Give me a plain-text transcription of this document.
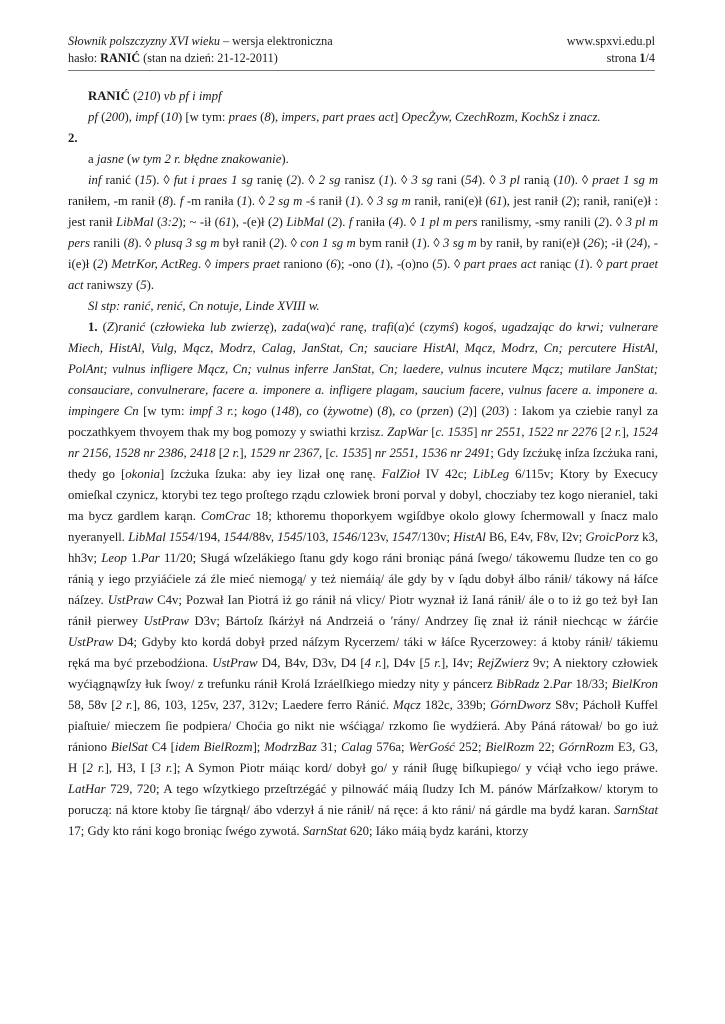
Słownik polszczyzny XVI wieku – wersja elektroniczna	www.spxvi.edu.pl
hasło: RANIĆ (stan na dzień: 21-12-2011)	strona 1/4

RANIĆ (210) vb pf i impf

pf (200), impf (10) [w tym: praes (8), impers, part praes act] OpecŻyw, CzechRozm, KochSz i znacz.

2.

a jasne (w tym 2 r. błędne znakowanie).

inf ranić (15). ◊ fut i praes 1 sg ranię (2). ◊ 2 sg ranisz (1). ◊ 3 sg rani (54). ◊ 3 pl ranią (10). ◊ praet 1 sg m raniłem, -m ranił (8). f -m raniła (1). ◊ 2 sg m -ś ranił (1). ◊ 3 sg m ranił, rani(e)ł (61), jest ranił (2); ranił, rani(e)ł : jest ranił LibMal (3:2); ~ -ił (61), -(e)ł (2) LibMal (2). f raniła (4). ◊ 1 pl m pers ranilismy, -smy ranili (2). ◊ 3 pl m pers ranili (8). ◊ plusq 3 sg m był ranił (2). ◊ con 1 sg m bym ranił (1). ◊ 3 sg m by ranił, by rani(e)ł (26); -ił (24), -i(e)ł (2) MetrKor, ActReg. ◊ impers praet raniono (6); -ono (1), -(o)no (5). ◊ part praes act raniąc (1). ◊ part praet act raniwszy (5).

Sl stp: ranić, renić, Cn notuje, Linde XVIII w.

1. (Z)ranić (człowieka lub zwierzę), zada(wa)ć ranę, trafi(a)ć (czymś) kogoś, ugadzając do krwi; vulnerare Miech, HistAl, Vulg, Mącz, Modrz, Calag, JanStat, Cn; sauciare HistAl, Mącz, Modrz, Cn; percutere HistAl, PolAnt; vulnus infligere Mącz, Cn; vulnus inferre JanStat, Cn; laedere, vulnus incutere Mącz; mutilare JanStat; consauciare, convulnerare, facere a. imponere a. infligere plagam, saucium facere, vulnus facere a. imponere a. impingere Cn [w tym: impf 3 r.; kogo (148), co (żywotne) (8), co (przen) (2)] (203) : Iakom ya cziebie ranyl za poczathkyem thvoyem thak my bog pomozy y swiathi krzisz. ZapWar [c. 1535] nr 2551, 1522 nr 2276 [2 r.], 1524 nr 2156, 1528 nr 2386, 2418 [2 r.], 1529 nr 2367, [c. 1535] nr 2551, 1536 nr 2491; Gdy ſzcżukę inſza ſzcżuka rani, thedy go [okonia] ſzcżuka ſzuka: aby iey lizał onę ranę. FalZioł IV 42c; LibLeg 6/115v; Ktory by Execucy omieſkal czynicz, ktorybi tez tego proſtego rządu czlowiek broni porval y dobyl, chocziaby tez kogo nieraniel, taki ma bycz gardlem karąn. ComCrac 18; kthoremu thoporkyem wgiſdbye okolo glowy ſchermowall y ſnacz malo nyeranyell. LibMal 1554/194, 1544/88v, 1545/103, 1546/123v, 1547/130v; HistAl B6, E4v, F8v, I2v; GroicPorz k3, hh3v; Leop 1.Par 11/20; Sługá wſzelákiego ſtanu gdy kogo ráni broniąc páná ſwego/ tákowemu ſludze ten co go ránią y iego przyiáćiele zá źle mieć niemogą/ y też niemáią/ ále gdy by v ſądu dobył álbo ránił/ tákowy ná łáſce náſzey. UstPraw C4v; Pozwał Ian Piotrá iż go ránił ná vlicy/ Piotr wyznał iż Ianá ránił/ ále o to iż go też był Ian ránił pierwey UstPraw D3v; Bártoſz ſkárżył ná Andrzeiá o ′rány/ Andrzey ſię znał iż ránił niechcąc w źárćie UstPraw D4; Gdyby kto kordá dobył przed náſzym Rycerzem/ táki w łáſce Rycerzowey: á ktoby ránił/ tákiemu ręká ma być przebodźiona. UstPraw D4, B4v, D3v, D4 [4 r.], D4v [5 r.], I4v; RejZwierz 9v; A niektory człowiek wyćiągnąwſzy łuk ſwoy/ z trefunku ránił Krolá Izráelſkiego miedzy nity y páncerz BibRadz 2.Par 18/33; BielKron 58, 58v [2 r.], 86, 103, 125v, 237, 312v; Laedere ferro Ránić. Mącz 182c, 339b; GórnDworz S8v; Pácholł Kuffel piaſtuie/ mieczem ſie podpiera/ Choćia go nikt nie wśćiąga/ rzkomo ſie wydźierá. Aby Páná rátował/ bo go iuż rániono BielSat C4 [idem BielRozm]; ModrzBaz 31; Calag 576a; WerGość 252; BielRozm 22; GórnRozm E3, G3, H [2 r.], H3, I [3 r.]; A Symon Piotr máiąc kord/ dobył go/ y ránił ſługę biſkupiego/ y vćiął vcho iego práwe. LatHar 729, 720; A tego wſzytkiego przeſtrzégáć y pilnowáć máią ſludzy Ich M. pánów Márſzałkow/ ktorym to poruczą: ná ktore ktoby ſie tárgnął/ ábo vderzył á nie ránił/ ná ręce: á kto ráni/ ná gárdle ma bydź karan. SarnStat 17; Gdy kto ráni kogo broniąc ſwégo zywotá. SarnStat 620; Iáko máią bydz karáni, ktorzy
